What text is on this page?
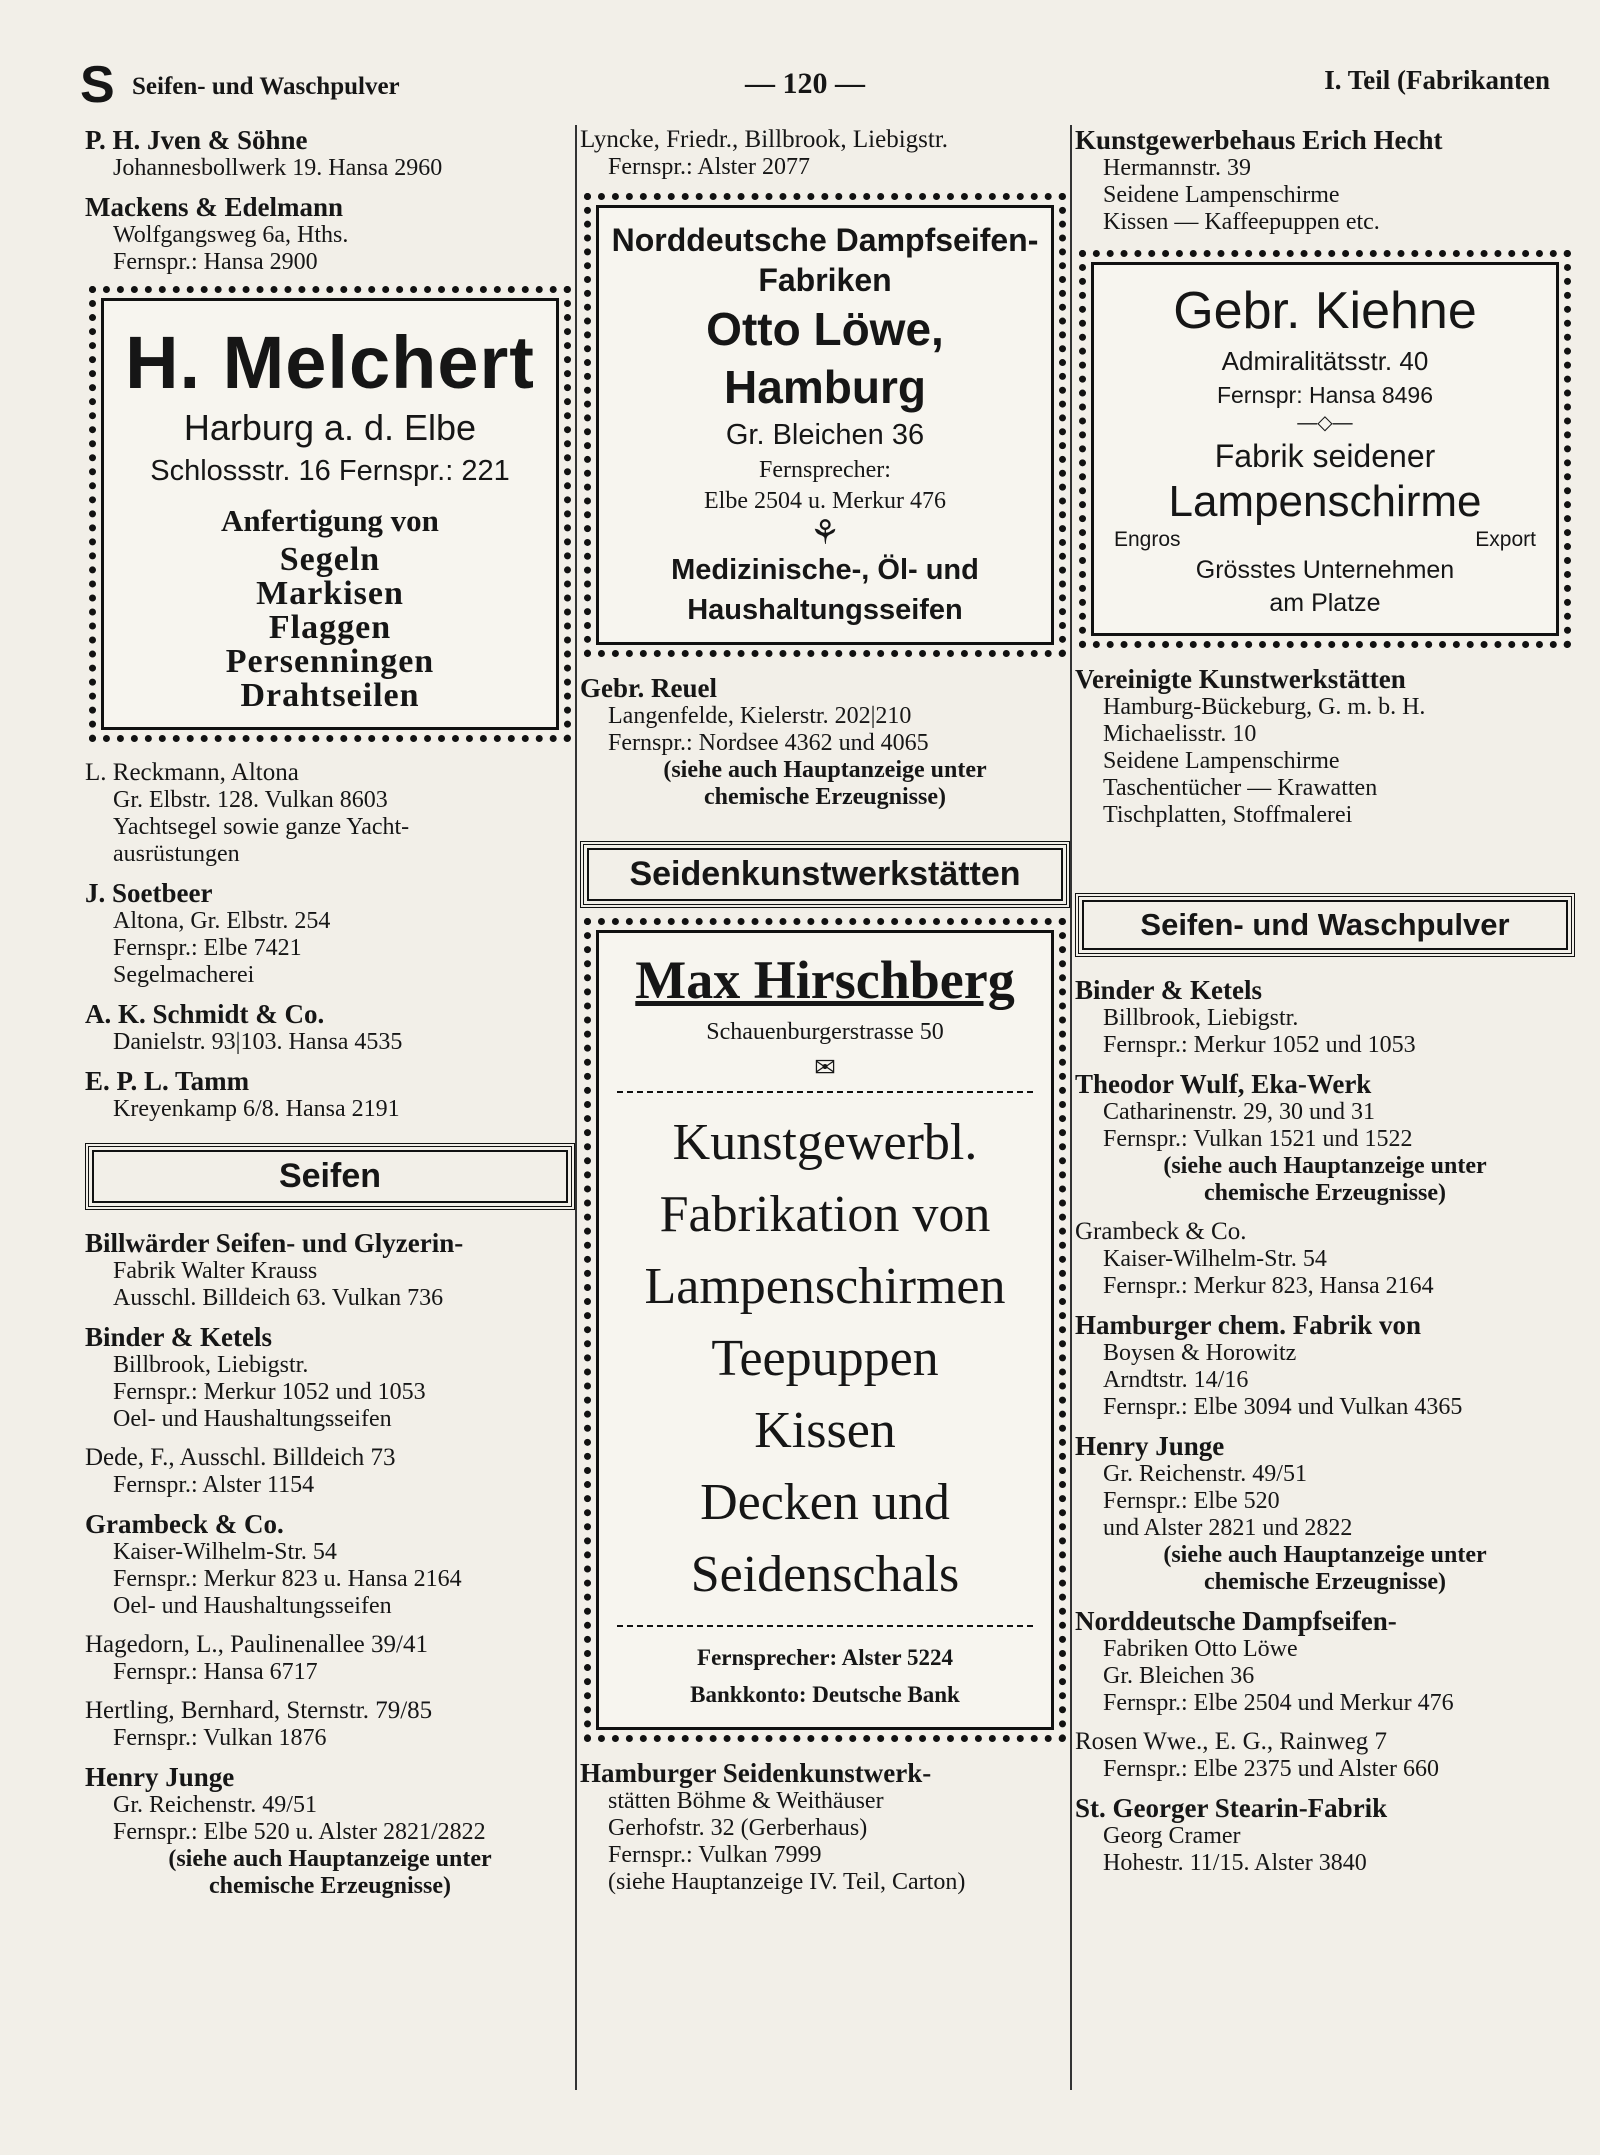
S Seifen- und Waschpulver	— 120 —	I. Teil (Fabrikanten
P. H. Jven & Söhne
Johannesbollwerk 19. Hansa 2960
Mackens & Edelmann
Wolfgangsweg 6a, Hths.
Fernspr.: Hansa 2900
H. Melchert
Harburg a. d. Elbe
Schlossstr. 16 Fernspr.: 221
Anfertigung von
Segeln
Markisen
Flaggen
Persenningen
Drahtseilen
L. Reckmann, Altona
Gr. Elbstr. 128. Vulkan 8603
Yachtsegel sowie ganze Yacht-
ausrüstungen
J. Soetbeer
Altona, Gr. Elbstr. 254
Fernspr.: Elbe 7421
Segelmacherei
A. K. Schmidt & Co.
Danielstr. 93|103. Hansa 4535
E. P. L. Tamm
Kreyenkamp 6/8. Hansa 2191
Seifen
Billwärder Seifen- und Glyzerin-
Fabrik Walter Krauss
Ausschl. Billdeich 63. Vulkan 736
Binder & Ketels
Billbrook, Liebigstr.
Fernspr.: Merkur 1052 und 1053
Oel- und Haushaltungsseifen
Dede, F., Ausschl. Billdeich 73
Fernspr.: Alster 1154
Grambeck & Co.
Kaiser-Wilhelm-Str. 54
Fernspr.: Merkur 823 u. Hansa 2164
Oel- und Haushaltungsseifen
Hagedorn, L., Paulinenallee 39/41
Fernspr.: Hansa 6717
Hertling, Bernhard, Sternstr. 79/85
Fernspr.: Vulkan 1876
Henry Junge
Gr. Reichenstr. 49/51
Fernspr.: Elbe 520 u. Alster 2821/2822
(siehe auch Hauptanzeige unter
chemische Erzeugnisse)
Lyncke, Friedr., Billbrook, Liebigstr.
Fernspr.: Alster 2077
Norddeutsche Dampfseifen-
Fabriken
Otto Löwe, Hamburg
Gr. Bleichen 36
Fernsprecher:
Elbe 2504 u. Merkur 476
⚘
Medizinische-, Öl- und
Haushaltungsseifen
Gebr. Reuel
Langenfelde, Kielerstr. 202|210
Fernspr.: Nordsee 4362 und 4065
(siehe auch Hauptanzeige unter
chemische Erzeugnisse)
Seidenkunstwerkstätten
Max Hirschberg
Schauenburgerstrasse 50
✉
Kunstgewerbl.
Fabrikation von
Lampenschirmen
Teepuppen
Kissen
Decken und
Seidenschals
Fernsprecher: Alster 5224
Bankkonto: Deutsche Bank
Hamburger Seidenkunstwerk-
stätten Böhme & Weithäuser
Gerhofstr. 32 (Gerberhaus)
Fernspr.: Vulkan 7999
(siehe Hauptanzeige IV. Teil, Carton)
Kunstgewerbehaus Erich Hecht
Hermannstr. 39
Seidene Lampenschirme
Kissen — Kaffeepuppen etc.
Gebr. Kiehne
Admiralitätsstr. 40
Fernspr: Hansa 8496
—◇—
Fabrik seidener
Lampenschirme
Engros	Export
Grösstes Unternehmen
am Platze
Vereinigte Kunstwerkstätten
Hamburg-Bückeburg, G. m. b. H.
Michaelisstr. 10
Seidene Lampenschirme
Taschentücher — Krawatten
Tischplatten, Stoffmalerei
Seifen- und Waschpulver
Binder & Ketels
Billbrook, Liebigstr.
Fernspr.: Merkur 1052 und 1053
Theodor Wulf, Eka-Werk
Catharinenstr. 29, 30 und 31
Fernspr.: Vulkan 1521 und 1522
(siehe auch Hauptanzeige unter
chemische Erzeugnisse)
Grambeck & Co.
Kaiser-Wilhelm-Str. 54
Fernspr.: Merkur 823, Hansa 2164
Hamburger chem. Fabrik von
Boysen & Horowitz
Arndtstr. 14/16
Fernspr.: Elbe 3094 und Vulkan 4365
Henry Junge
Gr. Reichenstr. 49/51
Fernspr.: Elbe 520
und Alster 2821 und 2822
(siehe auch Hauptanzeige unter
chemische Erzeugnisse)
Norddeutsche Dampfseifen-
Fabriken Otto Löwe
Gr. Bleichen 36
Fernspr.: Elbe 2504 und Merkur 476
Rosen Wwe., E. G., Rainweg 7
Fernspr.: Elbe 2375 und Alster 660
St. Georger Stearin-Fabrik
Georg Cramer
Hohestr. 11/15. Alster 3840
